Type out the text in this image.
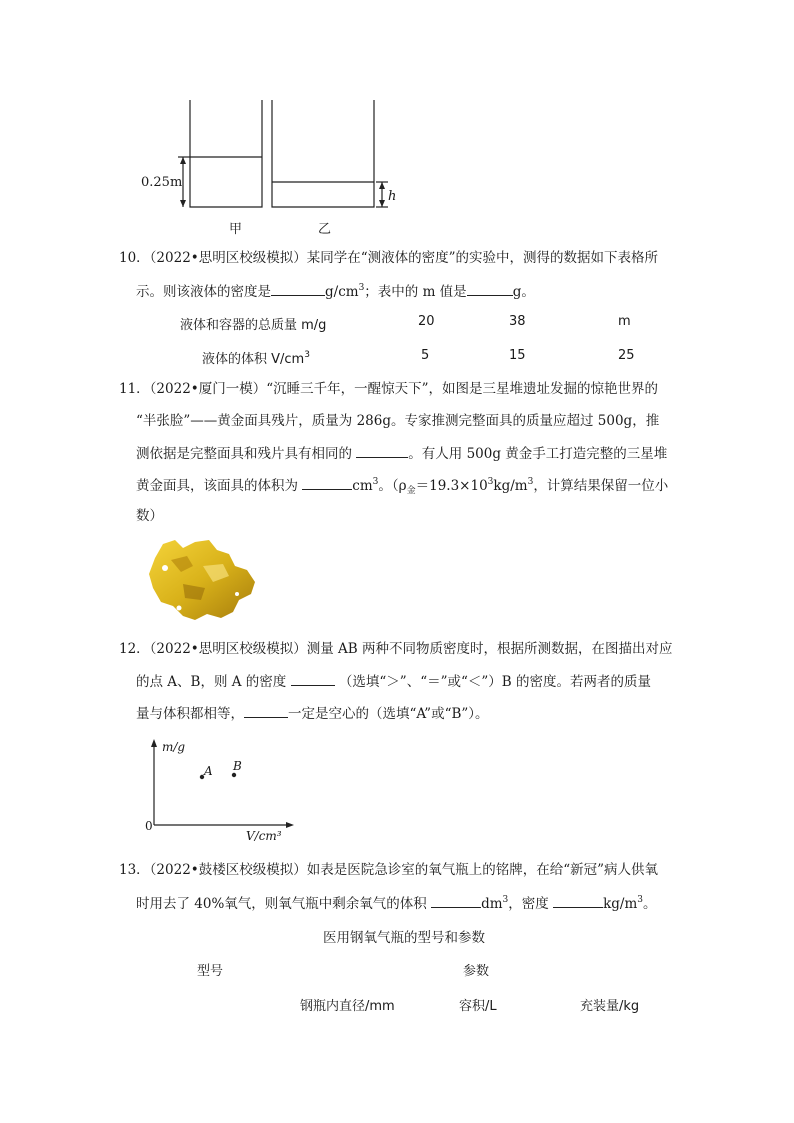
0.25m
h
甲	乙
10．（2022•思明区校级模拟）某同学在“测液体的密度”的实验中，测得的数据如下表格所
示。则该液体的密度是	$g/cm^3$；表中的 m 值是	g。
液体和容器的总质量 m/g	20	38	m
液体的体积 $V/cm^3$	5	15	25
11．（2022•厦门一模）“沉睡三千年，一醒惊天下”，如图是三星堆遗址发掘的惊艳世界的
“半张脸”——黄金面具残片，质量为 286g。专家推测完整面具的质量应超过 500g，推
测依据是完整面具和残片具有相同的	。有人用 500g 黄金手工打造完整的三星堆
黄金面具，该面具的体积为	$cm^3$。（$\rho_金=19.3\times 10^3kg/m^3$，计算结果保留一位小
数）
12．（2022•思明区校级模拟）测量 AB 两种不同物质密度时，根据所测数据，在图描出对应
的点 A、B，则 A 的密度	（选填“＞”、“＝”或“＜”）B 的密度。若两者的质量
量与体积都相等，	一定是空心的（选填“A”或“B”）。
m/g
V/cm³
0
A B
13．（2022•鼓楼区校级模拟）如表是医院急诊室的氧气瓶上的铭牌，在给“新冠”病人供氧
时用去了 40%氧气，则氧气瓶中剩余氧气的体积	$dm^3$，密度	$kg/m^3$。
医用钢氧气瓶的型号和参数
型号	参数
钢瓶内直径/mm	容积/L	充装量/kg
